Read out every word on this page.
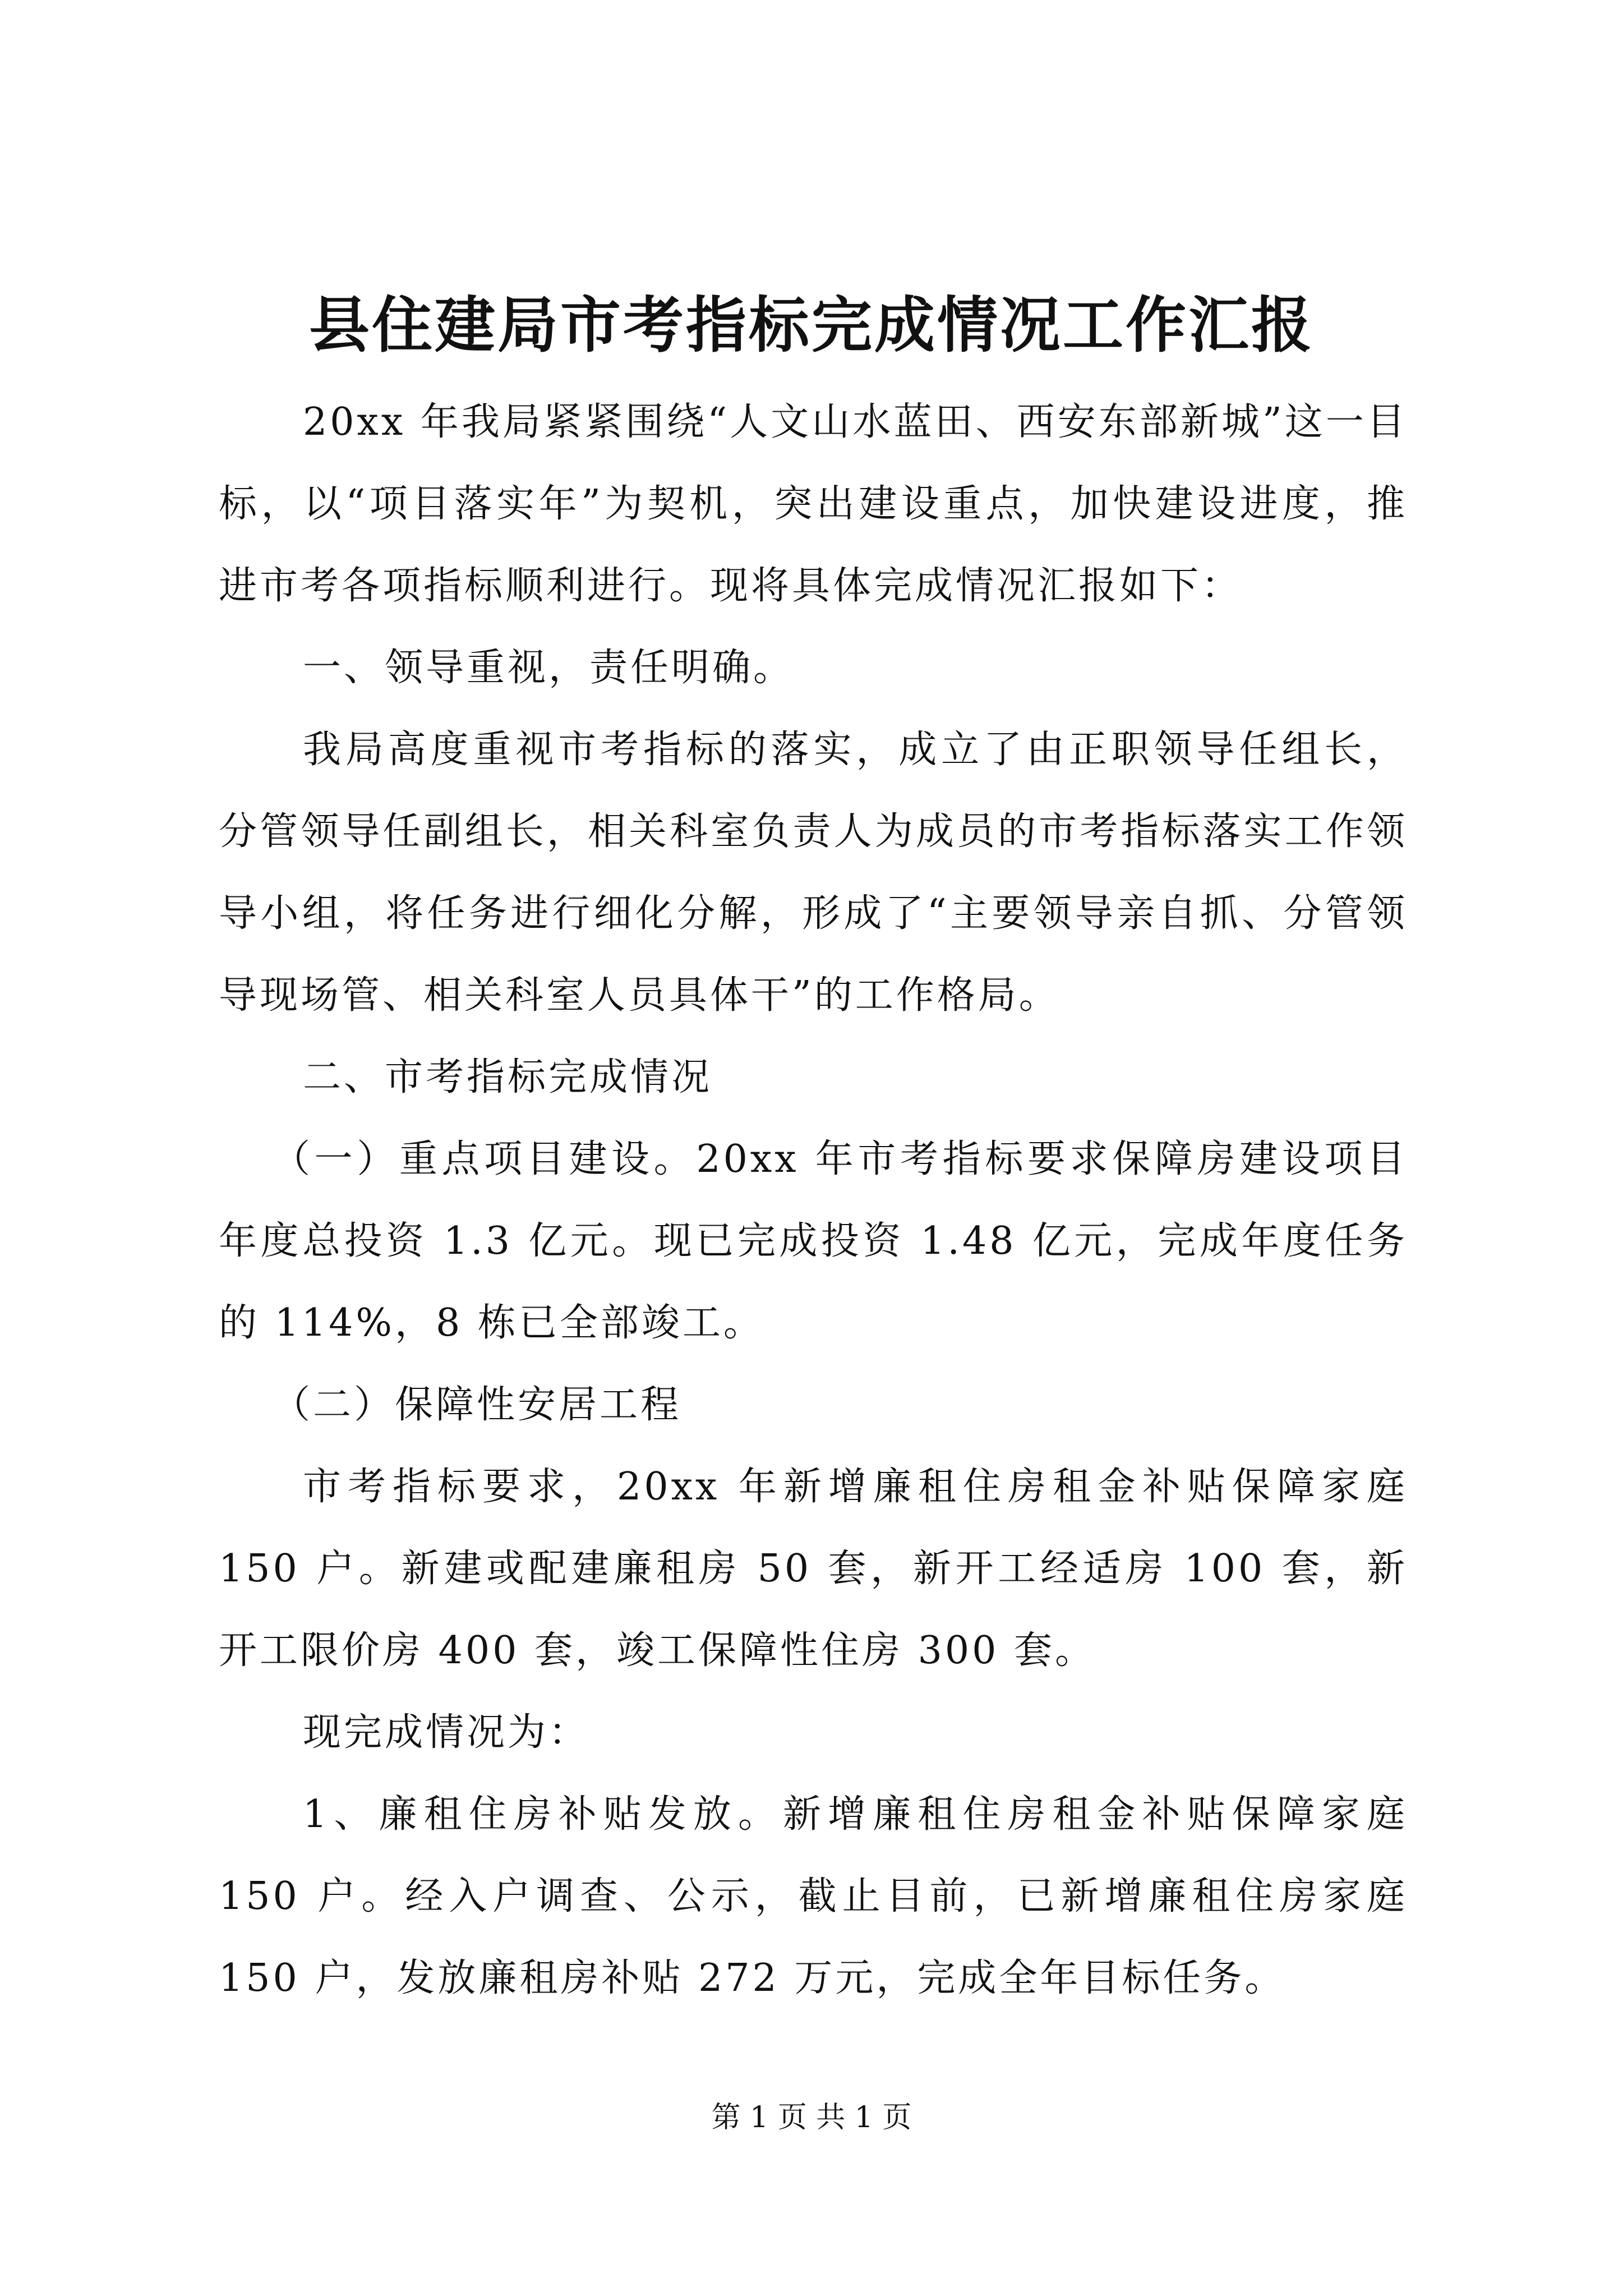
县住建局市考指标完成情况工作汇报

20xx 年我局紧紧围绕“人文山水蓝田、西安东部新城”这一目标，以“项目落实年”为契机，突出建设重点，加快建设进度，推进市考各项指标顺利进行。现将具体完成情况汇报如下：

一、领导重视，责任明确。

我局高度重视市考指标的落实，成立了由正职领导任组长，分管领导任副组长，相关科室负责人为成员的市考指标落实工作领导小组，将任务进行细化分解，形成了“主要领导亲自抓、分管领导现场管、相关科室人员具体干”的工作格局。

二、市考指标完成情况

（一）重点项目建设。20xx 年市考指标要求保障房建设项目年度总投资 1.3 亿元。现已完成投资 1.48 亿元，完成年度任务的 114%，8 栋已全部竣工。

（二）保障性安居工程

市考指标要求，20xx 年新增廉租住房租金补贴保障家庭 150 户。新建或配建廉租房 50 套，新开工经适房 100 套，新开工限价房 400 套，竣工保障性住房 300 套。

现完成情况为：

1、廉租住房补贴发放。新增廉租住房租金补贴保障家庭 150 户。经入户调查、公示，截止目前，已新增廉租住房家庭 150 户，发放廉租房补贴 272 万元，完成全年目标任务。

第 1 页 共 1 页
